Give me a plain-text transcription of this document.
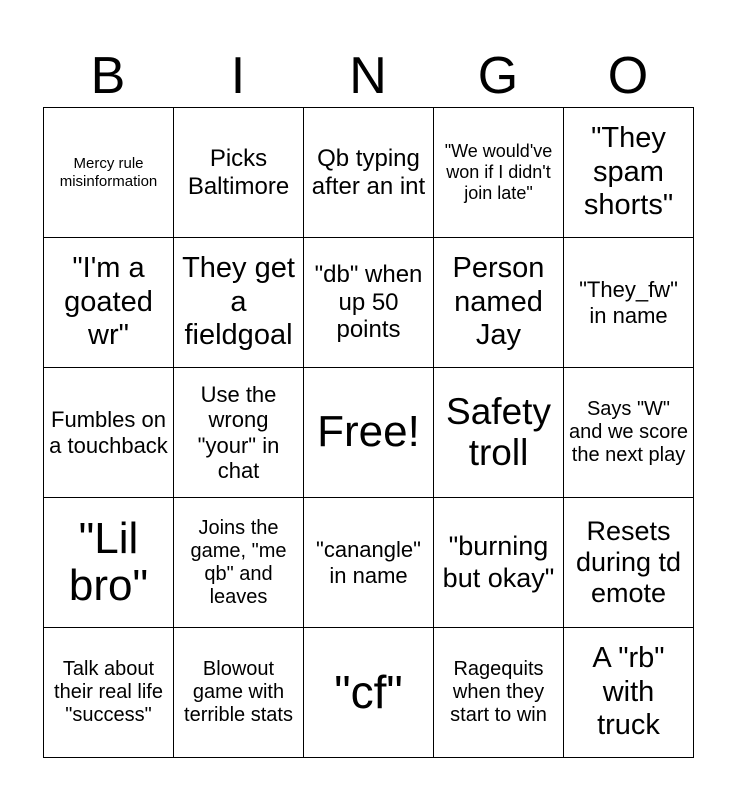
B	I	N	G	O
Mercy rule misinformation	Picks Baltimore	Qb typing after an int	"We would've won if I didn't join late"	"They spam shorts"
"I'm a goated wr"	They get a fieldgoal	"db" when up 50 points	Person named Jay	"They_fw" in name
Fumbles on a touchback	Use the wrong "your" in chat	Free!	Safety troll	Says "W" and we score the next play
"Lil bro"	Joins the game, "me qb" and leaves	"canangle" in name	"burning but okay"	Resets during td emote
Talk about their real life "success"	Blowout game with terrible stats	"cf"	Ragequits when they start to win	A "rb" with truck
